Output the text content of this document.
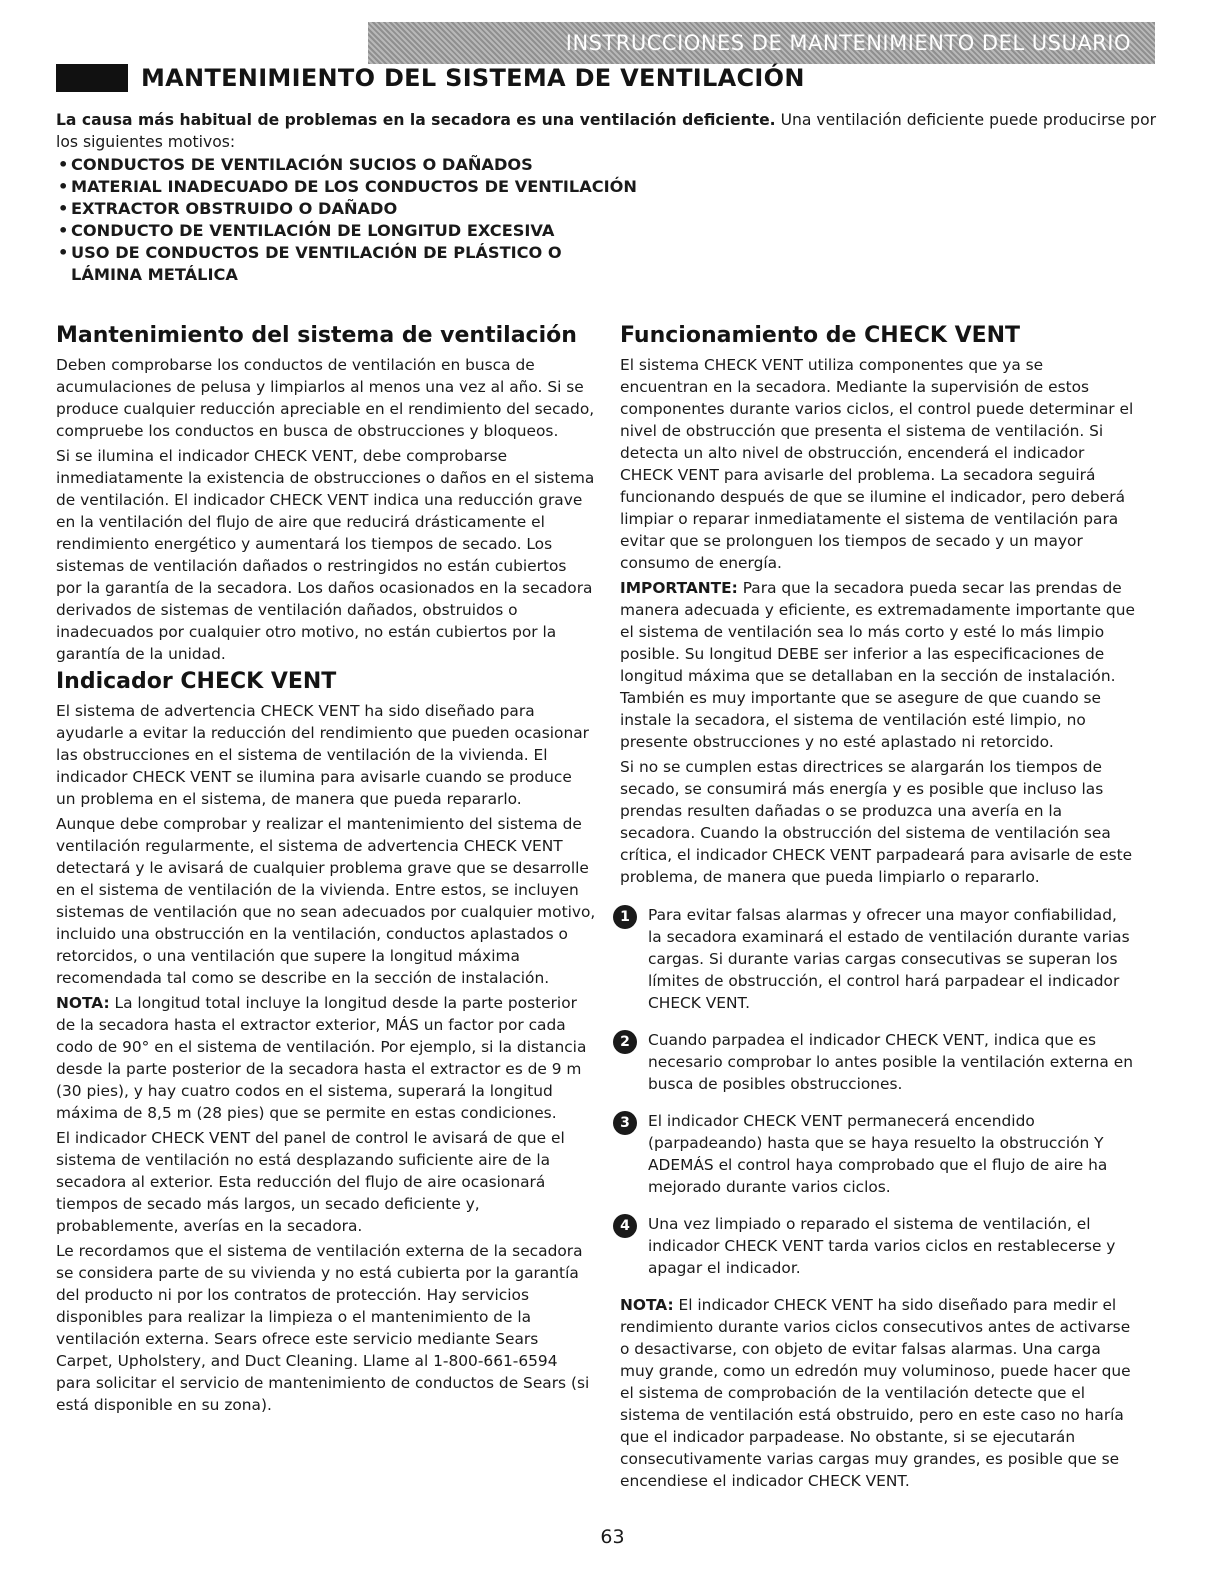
INSTRUCCIONES DE MANTENIMIENTO DEL USUARIO
MANTENIMIENTO DEL SISTEMA DE VENTILACIÓN

La causa más habitual de problemas en la secadora es una ventilación deficiente. Una ventilación deficiente puede producirse por los siguientes motivos:

• CONDUCTOS DE VENTILACIÓN SUCIOS O DAÑADOS
• MATERIAL INADECUADO DE LOS CONDUCTOS DE VENTILACIÓN
• EXTRACTOR OBSTRUIDO O DAÑADO
• CONDUCTO DE VENTILACIÓN DE LONGITUD EXCESIVA
• USO DE CONDUCTOS DE VENTILACIÓN DE PLÁSTICO O LÁMINA METÁLICA
Mantenimiento del sistema de ventilación

Deben comprobarse los conductos de ventilación en busca de acumulaciones de pelusa y limpiarlos al menos una vez al año. Si se produce cualquier reducción apreciable en el rendimiento del secado, compruebe los conductos en busca de obstrucciones y bloqueos.

Si se ilumina el indicador CHECK VENT, debe comprobarse inmediatamente la existencia de obstrucciones o daños en el sistema de ventilación. El indicador CHECK VENT indica una reducción grave en la ventilación del flujo de aire que reducirá drásticamente el rendimiento energético y aumentará los tiempos de secado. Los sistemas de ventilación dañados o restringidos no están cubiertos por la garantía de la secadora. Los daños ocasionados en la secadora derivados de sistemas de ventilación dañados, obstruidos o inadecuados por cualquier otro motivo, no están cubiertos por la garantía de la unidad.

Indicador CHECK VENT

El sistema de advertencia CHECK VENT ha sido diseñado para ayudarle a evitar la reducción del rendimiento que pueden ocasionar las obstrucciones en el sistema de ventilación de la vivienda. El indicador CHECK VENT se ilumina para avisarle cuando se produce un problema en el sistema, de manera que pueda repararlo.

Aunque debe comprobar y realizar el mantenimiento del sistema de ventilación regularmente, el sistema de advertencia CHECK VENT detectará y le avisará de cualquier problema grave que se desarrolle en el sistema de ventilación de la vivienda. Entre estos, se incluyen sistemas de ventilación que no sean adecuados por cualquier motivo, incluido una obstrucción en la ventilación, conductos aplastados o retorcidos, o una ventilación que supere la longitud máxima recomendada tal como se describe en la sección de instalación.

NOTA: La longitud total incluye la longitud desde la parte posterior de la secadora hasta el extractor exterior, MÁS un factor por cada codo de 90° en el sistema de ventilación. Por ejemplo, si la distancia desde la parte posterior de la secadora hasta el extractor es de 9 m (30 pies), y hay cuatro codos en el sistema, superará la longitud máxima de 8,5 m (28 pies) que se permite en estas condiciones.

El indicador CHECK VENT del panel de control le avisará de que el sistema de ventilación no está desplazando suficiente aire de la secadora al exterior. Esta reducción del flujo de aire ocasionará tiempos de secado más largos, un secado deficiente y, probablemente, averías en la secadora.

Le recordamos que el sistema de ventilación externa de la secadora se considera parte de su vivienda y no está cubierta por la garantía del producto ni por los contratos de protección. Hay servicios disponibles para realizar la limpieza o el mantenimiento de la ventilación externa. Sears ofrece este servicio mediante Sears Carpet, Upholstery, and Duct Cleaning. Llame al 1-800-661-6594 para solicitar el servicio de mantenimiento de conductos de Sears (si está disponible en su zona).

Funcionamiento de CHECK VENT

El sistema CHECK VENT utiliza componentes que ya se encuentran en la secadora. Mediante la supervisión de estos componentes durante varios ciclos, el control puede determinar el nivel de obstrucción que presenta el sistema de ventilación. Si detecta un alto nivel de obstrucción, encenderá el indicador CHECK VENT para avisarle del problema. La secadora seguirá funcionando después de que se ilumine el indicador, pero deberá limpiar o reparar inmediatamente el sistema de ventilación para evitar que se prolonguen los tiempos de secado y un mayor consumo de energía.

IMPORTANTE: Para que la secadora pueda secar las prendas de manera adecuada y eficiente, es extremadamente importante que el sistema de ventilación sea lo más corto y esté lo más limpio posible. Su longitud DEBE ser inferior a las especificaciones de longitud máxima que se detallaban en la sección de instalación. También es muy importante que se asegure de que cuando se instale la secadora, el sistema de ventilación esté limpio, no presente obstrucciones y no esté aplastado ni retorcido.

Si no se cumplen estas directrices se alargarán los tiempos de secado, se consumirá más energía y es posible que incluso las prendas resulten dañadas o se produzca una avería en la secadora. Cuando la obstrucción del sistema de ventilación sea crítica, el indicador CHECK VENT parpadeará para avisarle de este problema, de manera que pueda limpiarlo o repararlo.

1	Para evitar falsas alarmas y ofrecer una mayor confiabilidad, la secadora examinará el estado de ventilación durante varias cargas. Si durante varias cargas consecutivas se superan los límites de obstrucción, el control hará parpadear el indicador CHECK VENT.
2	Cuando parpadea el indicador CHECK VENT, indica que es necesario comprobar lo antes posible la ventilación externa en busca de posibles obstrucciones.
3	El indicador CHECK VENT permanecerá encendido (parpadeando) hasta que se haya resuelto la obstrucción Y ADEMÁS el control haya comprobado que el flujo de aire ha mejorado durante varios ciclos.
4	Una vez limpiado o reparado el sistema de ventilación, el indicador CHECK VENT tarda varios ciclos en restablecerse y apagar el indicador.

NOTA: El indicador CHECK VENT ha sido diseñado para medir el rendimiento durante varios ciclos consecutivos antes de activarse o desactivarse, con objeto de evitar falsas alarmas. Una carga muy grande, como un edredón muy voluminoso, puede hacer que el sistema de comprobación de la ventilación detecte que el sistema de ventilación está obstruido, pero en este caso no haría que el indicador parpadease. No obstante, si se ejecutarán consecutivamente varias cargas muy grandes, es posible que se encendiese el indicador CHECK VENT.

63
